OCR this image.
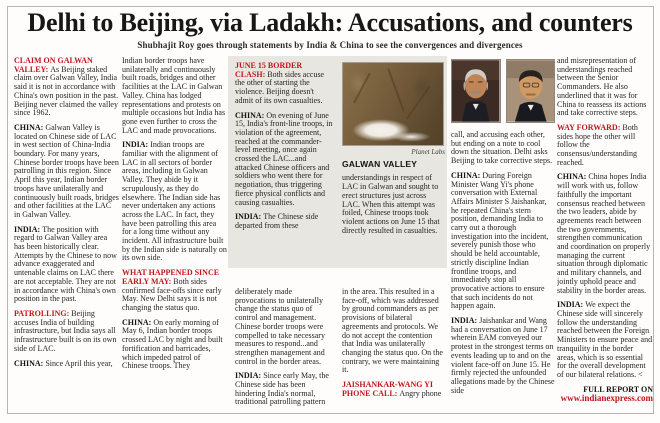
Delhi to Beijing, via Ladakh: Accusations, and counters
Shubhajit Roy goes through statements by India & China to see the convergences and divergences

CLAIM ON GALWAN VALLEY: As Beijing staked claim over Galwan Valley, India said it is not in accordance with China's own position in the past. Beijing never claimed the valley since 1962.

CHINA: Galwan Valley is located on Chinese side of LAC in west section of China-India boundary. For many years, Chinese border troops have been patrolling in this region. Since April this year, Indian border troops have unilaterally and continuously built roads, bridges and other facilities at the LAC in Galwan Valley.

INDIA: The position with regard to Galwan Valley area has been historically clear. Attempts by the Chinese to now advance exaggerated and untenable claims on LAC there are not acceptable. They are not in accordance with China's own position in the past.

PATROLLING: Beijing accuses India of building infrastructure, but India says all infrastructure built is on its own side of LAC.

CHINA: Since April this year,

Indian border troops have unilaterally and continuously built roads, bridges and other facilities at the LAC in Galwan Valley. China has lodged representations and protests on multiple occasions but India has gone even further to cross the LAC and made provocations.

INDIA: Indian troops are familiar with the alignment of LAC in all sectors of border areas, including in Galwan Valley. They abide by it scrupulously, as they do elsewhere. The Indian side has never undertaken any actions across the LAC. In fact, they have been patrolling this area for a long time without any incident. All infrastructure built by the Indian side is naturally on its own side.

WHAT HAPPENED SINCE EARLY MAY: Both sides confirmed face-offs since early May. New Delhi says it is not changing the status quo.

CHINA: On early morning of May 6, Indian border troops crossed LAC by night and built fortification and barricades, which impeded patrol of Chinese troops. They

JUNE 15 BORDER CLASH: Both sides accuse the other of starting the violence. Beijing doesn't admit of its own casualties.

CHINA: On evening of June 15, India's front-line troops, in violation of the agreement, reached at the commander-level meeting, once again crossed the LAC...and attacked Chinese officers and soldiers who went there for negotiation, thus triggering fierce physical conflicts and causing casualties.

INDIA: The Chinese side departed from these

Planet Labs
GALWAN VALLEY

understandings in respect of LAC in Galwan and sought to erect structures just across LAC. When this attempt was foiled, Chinese troops took violent actions on June 15 that directly resulted in casualties.

deliberately made provocations to unilaterally change the status quo of control and management. Chinese border troops were compelled to take necessary measures to respond...and strengthen management and control in the border areas.

INDIA: Since early May, the Chinese side has been hindering India's normal, traditional patrolling pattern

in the area. This resulted in a face-off, which was addressed by ground commanders as per provisions of bilateral agreements and protocols. We do not accept the contention that India was unilaterally changing the status quo. On the contrary, we were maintaining it.

JAISHANKAR-WANG YI PHONE CALL: Angry phone

call, and accusing each other, but ending on a note to cool down the situation. Delhi asks Beijing to take corrective steps.

CHINA: During Foreign Minister Wang Yi's phone conversation with External Affairs Minister S Jaishankar, he repeated China's stern position, demanding India to carry out a thorough investigation into the incident, severely punish those who should be held accountable, strictly discipline Indian frontline troops, and immediately stop all provocative actions to ensure that such incidents do not happen again.

INDIA: Jaishankar and Wang had a conversation on June 17 wherein EAM conveyed our protest in the strongest terms on events leading up to and on the violent face-off on June 15. He firmly rejected the unfounded allegations made by the Chinese side

and misrepresentation of understandings reached between the Senior Commanders. He also underlined that it was for China to reassess its actions and take corrective steps.

WAY FORWARD: Both sides hope the other will follow the consensus/understanding reached.

CHINA: China hopes India will work with us, follow faithfully the important consensus reached between the two leaders, abide by agreements reach between the two governments, strengthen communication and coordination on properly managing the current situation through diplomatic and military channels, and jointly uphold peace and stability in the border areas.

INDIA: We expect the Chinese side will sincerely follow the understanding reached between the Foreign Ministers to ensure peace and tranquility in the border areas, which is so essential for the overall development of our bilateral relations. <

FULL REPORT ON
www.indianexpress.com
